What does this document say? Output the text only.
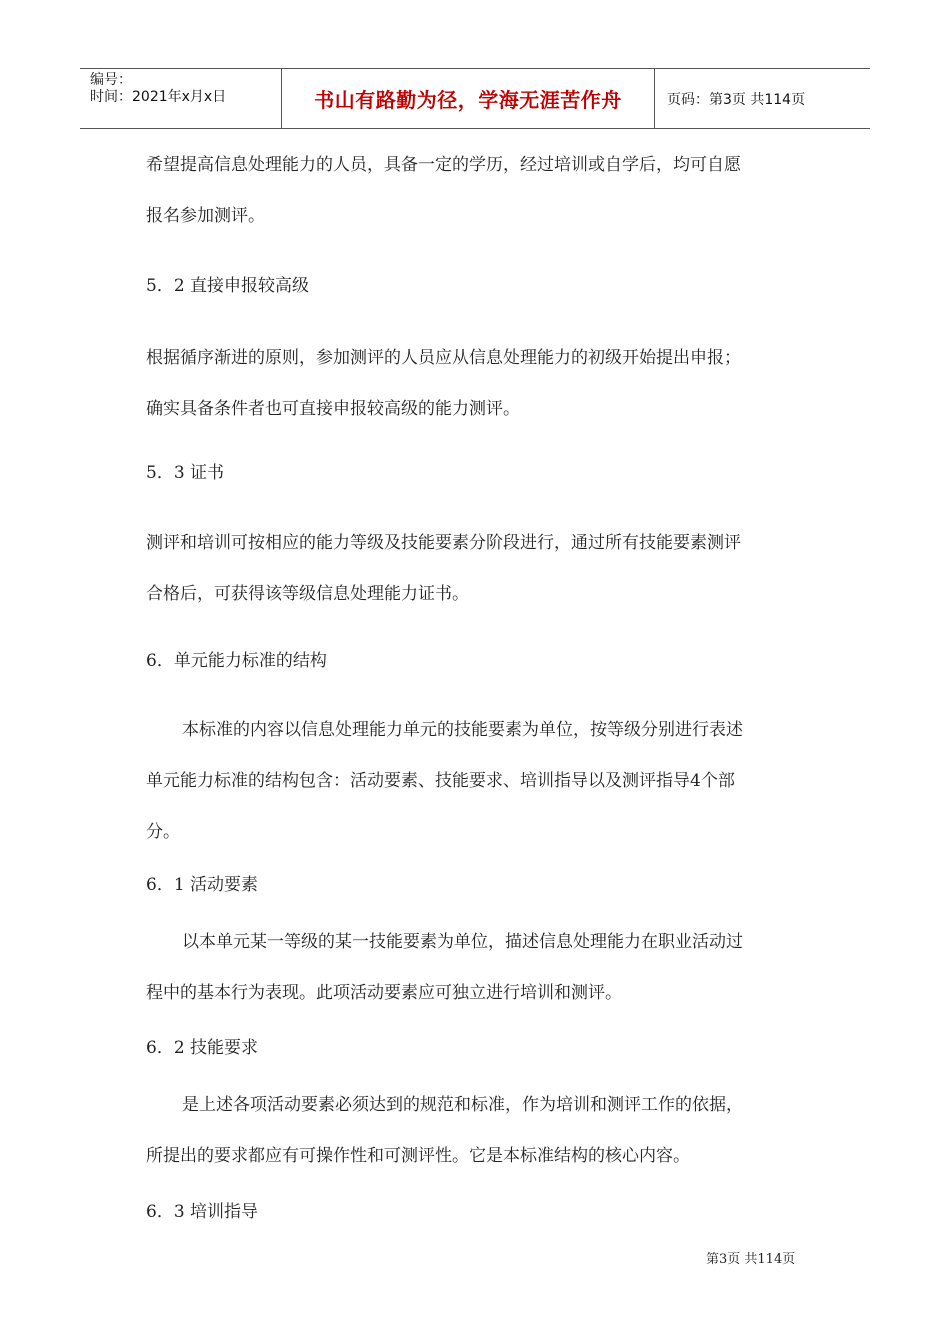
编号：
时间：2021年x月x日	书山有路勤为径，学海无涯苦作舟	页码：第3页 共114页
希望提高信息处理能力的人员，具备一定的学历，经过培训或自学后，均可自愿
报名参加测评。
5．2 直接申报较高级
根据循序渐进的原则，参加测评的人员应从信息处理能力的初级开始提出申报；
确实具备条件者也可直接申报较高级的能力测评。
5．3 证书
测评和培训可按相应的能力等级及技能要素分阶段进行，通过所有技能要素测评
合格后，可获得该等级信息处理能力证书。
6．单元能力标准的结构
本标准的内容以信息处理能力单元的技能要素为单位，按等级分别进行表述
单元能力标准的结构包含：活动要素、技能要求、培训指导以及测评指导4个部
分。
6．1 活动要素
以本单元某一等级的某一技能要素为单位，描述信息处理能力在职业活动过
程中的基本行为表现。此项活动要素应可独立进行培训和测评。
6．2 技能要求
是上述各项活动要素必须达到的规范和标准，作为培训和测评工作的依据，
所提出的要求都应有可操作性和可测评性。它是本标准结构的核心内容。
6．3 培训指导
第3页 共114页
